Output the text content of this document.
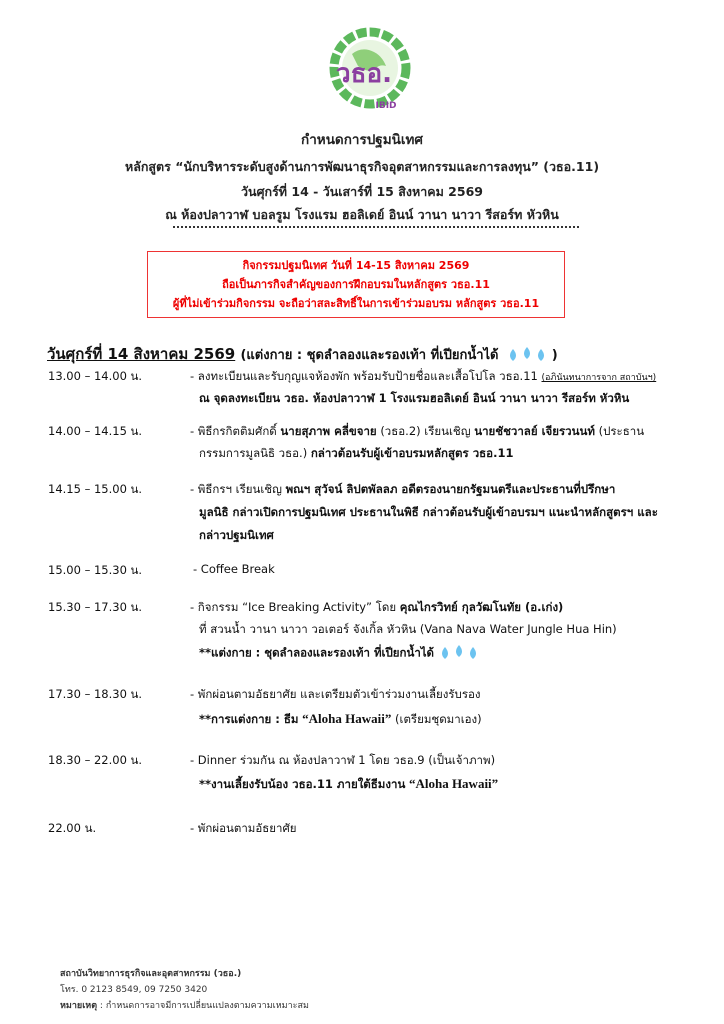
วธอ.
IBID
กำหนดการปฐมนิเทศ
หลักสูตร “นักบริหารระดับสูงด้านการพัฒนาธุรกิจอุตสาหกรรมและการลงทุน” (วธอ.11)
วันศุกร์ที่ 14 - วันเสาร์ที่ 15 สิงหาคม 2569
ณ ห้องปลาวาฬ บอลรูม โรงแรม ฮอลิเดย์ อินน์ วานา นาวา รีสอร์ท หัวหิน
กิจกรรมปฐมนิเทศ วันที่ 14-15 สิงหาคม 2569
ถือเป็นภารกิจสำคัญของการฝึกอบรมในหลักสูตร วธอ.11
ผู้ที่ไม่เข้าร่วมกิจกรรม จะถือว่าสละสิทธิ์ในการเข้าร่วมอบรม หลักสูตร วธอ.11
วันศุกร์ที่ 14 สิงหาคม 2569 (แต่งกาย : ชุดลำลองและรองเท้า ที่เปียกน้ำได้	)
13.00 – 14.00 น.	- ลงทะเบียนและรับกุญแจห้องพัก พร้อมรับป้ายชื่อและเสื้อโปโล วธอ.11 (อภินันทนาการจาก สถาบันฯ)
ณ จุดลงทะเบียน วธอ. ห้องปลาวาฬ 1 โรงแรมฮอลิเดย์ อินน์ วานา นาวา รีสอร์ท หัวหิน
14.00 – 14.15 น.	- พิธีกรกิตติมศักดิ์ นายสุภาพ คลี่ขจาย (วธอ.2) เรียนเชิญ นายชัชวาลย์ เจียรวนนท์ (ประธาน
กรรมการมูลนิธิ วธอ.) กล่าวต้อนรับผู้เข้าอบรมหลักสูตร วธอ.11
14.15 – 15.00 น.	- พิธีกรฯ เรียนเชิญ พณฯ สุวัจน์ ลิปตพัลลภ อดีตรองนายกรัฐมนตรีและประธานที่ปรึกษา
มูลนิธิ กล่าวเปิดการปฐมนิเทศ ประธานในพิธี กล่าวต้อนรับผู้เข้าอบรมฯ แนะนำหลักสูตรฯ และ
กล่าวปฐมนิเทศ
15.00 – 15.30 น.	- Coffee Break
15.30 – 17.30 น.	- กิจกรรม “Ice Breaking Activity” โดย คุณไกรวิทย์ กุลวัฒโนทัย (อ.เก่ง)
ที่ สวนน้ำ วานา นาวา วอเตอร์ จังเกิ้ล หัวหิน (Vana Nava Water Jungle Hua Hin)
**แต่งกาย : ชุดลำลองและรองเท้า ที่เปียกน้ำได้
17.30 – 18.30 น.	- พักผ่อนตามอัธยาศัย และเตรียมตัวเข้าร่วมงานเลี้ยงรับรอง
**การแต่งกาย : ธีม “Aloha Hawaii” (เตรียมชุดมาเอง)
18.30 – 22.00 น.	- Dinner ร่วมกัน ณ ห้องปลาวาฬ 1 โดย วธอ.9 (เป็นเจ้าภาพ)
**งานเลี้ยงรับน้อง วธอ.11 ภายใต้ธีมงาน “Aloha Hawaii”
22.00 น.	- พักผ่อนตามอัธยาศัย
สถาบันวิทยาการธุรกิจและอุตสาหกรรม (วธอ.)
โทร. 0 2123 8549, 09 7250 3420
หมายเหตุ : กำหนดการอาจมีการเปลี่ยนแปลงตามความเหมาะสม
